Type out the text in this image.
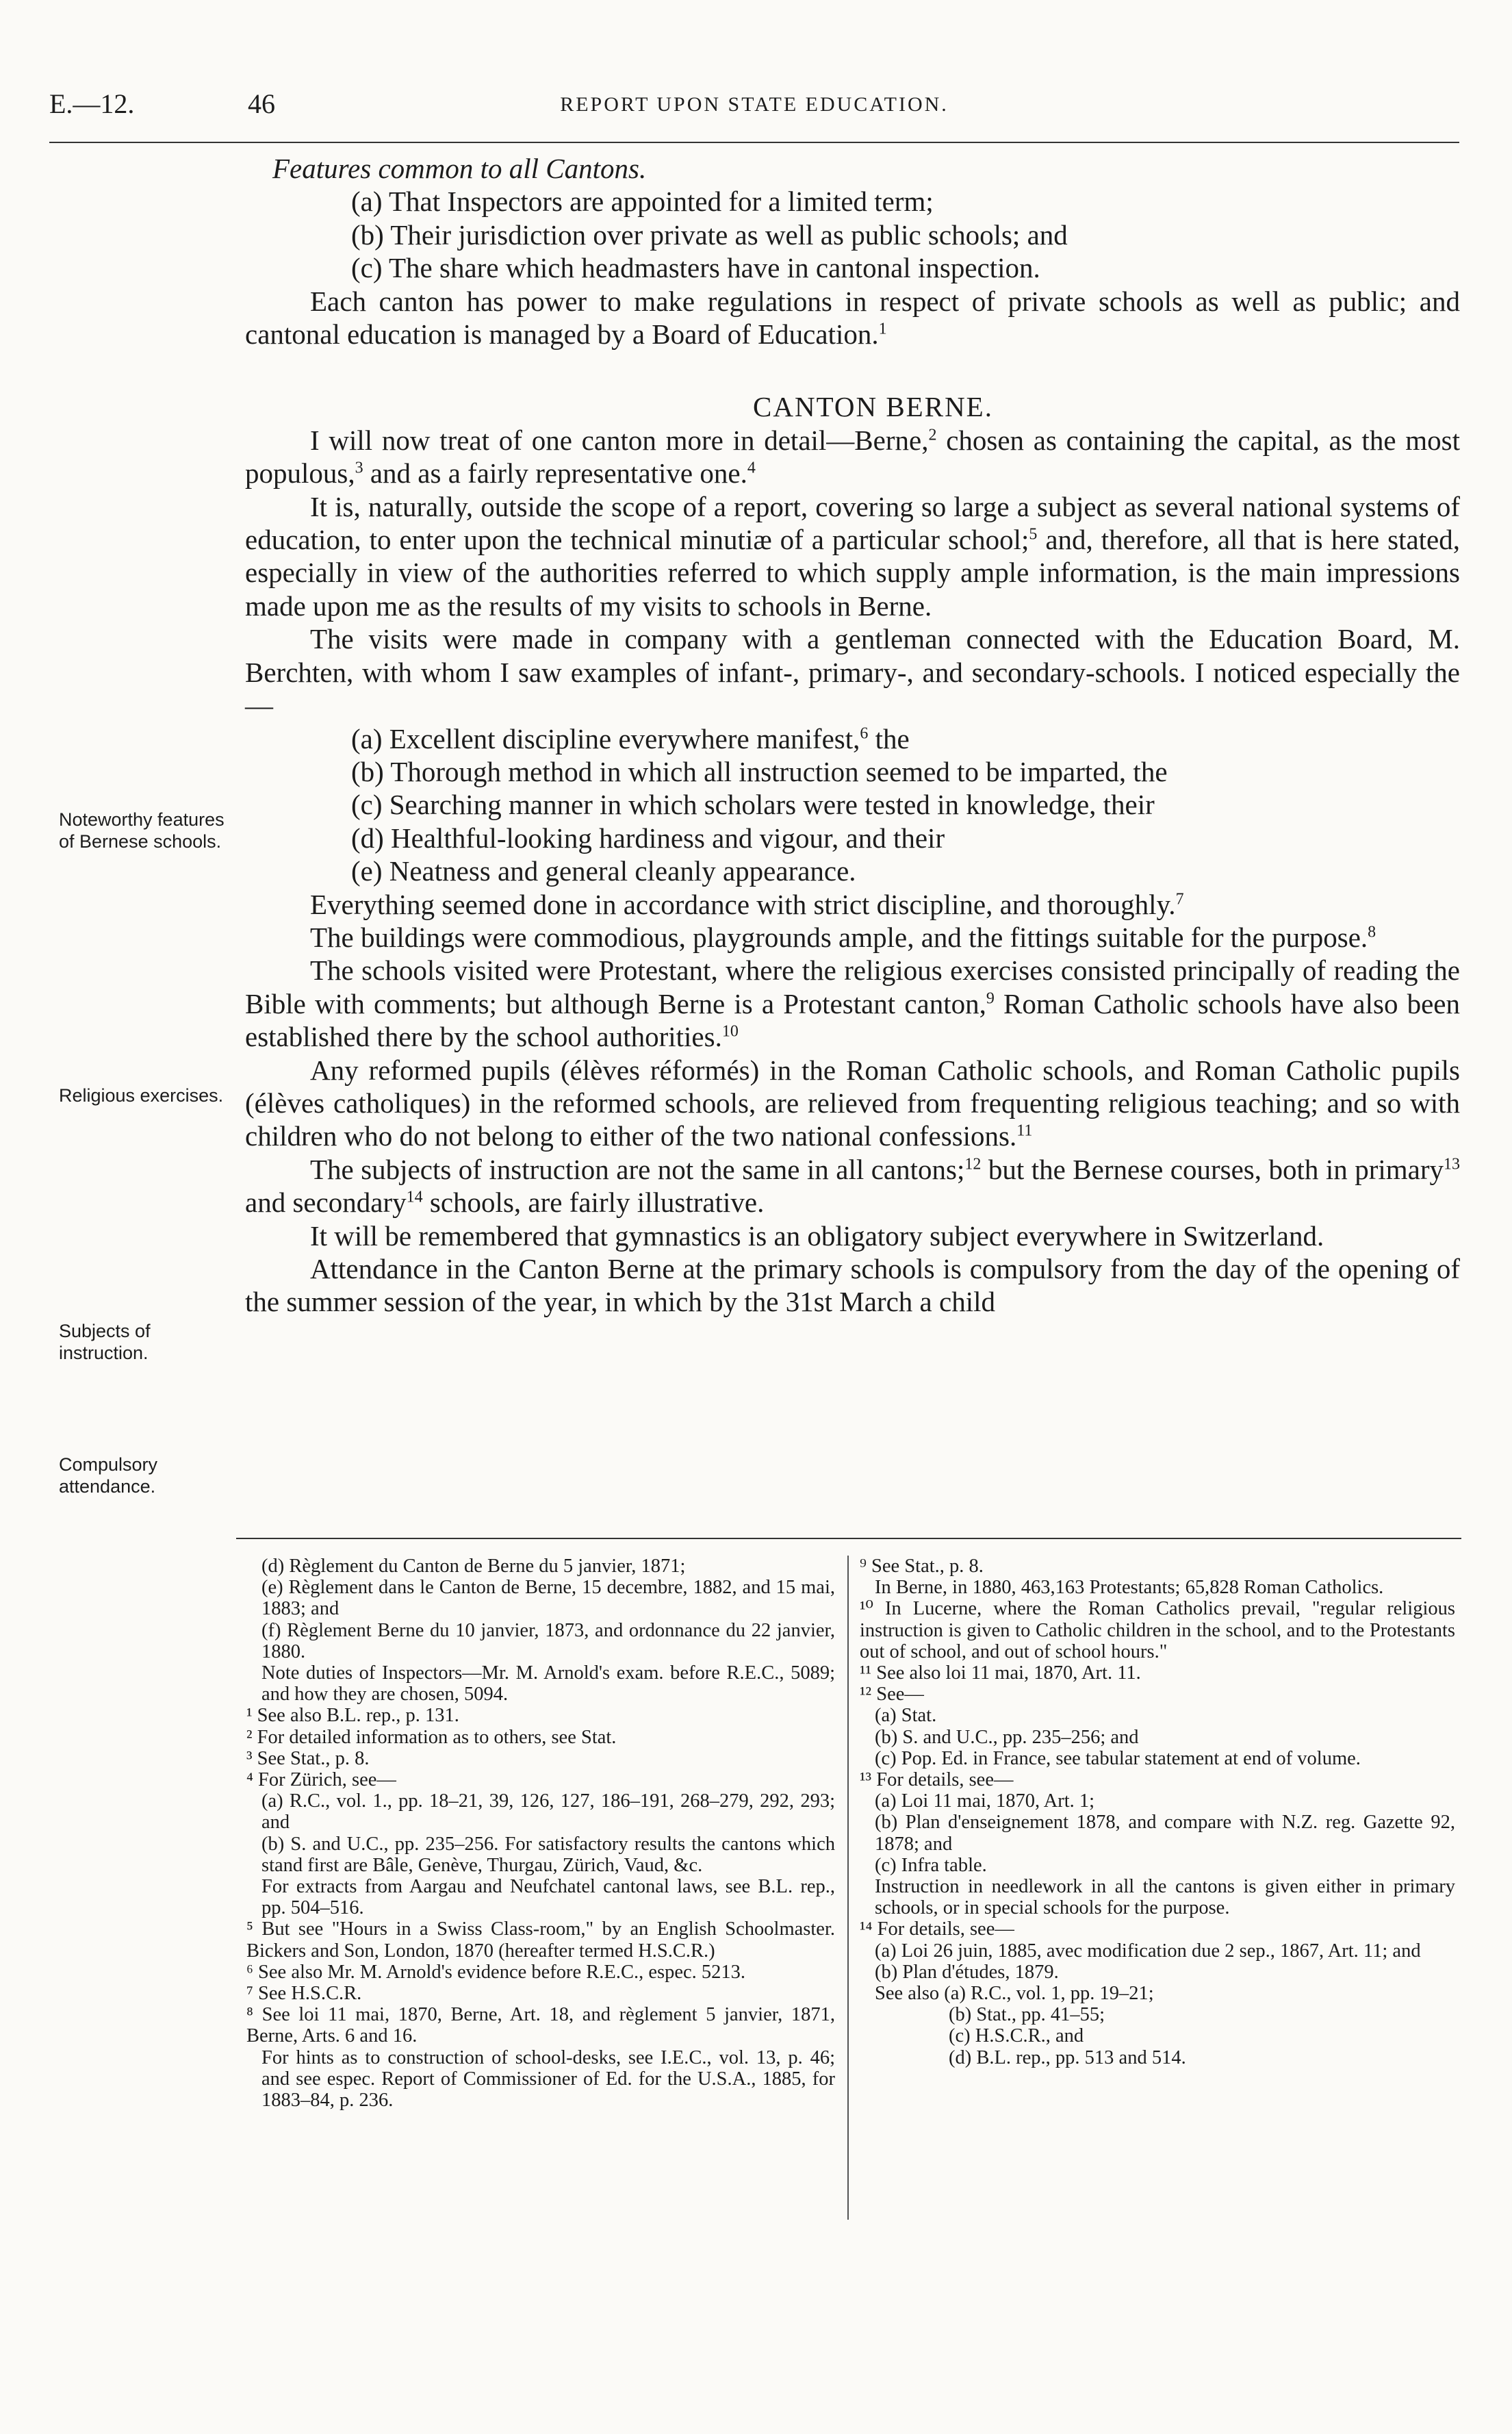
E.—12.	46	REPORT UPON STATE EDUCATION.
Features common to all Cantons.
(a) That Inspectors are appointed for a limited term;
(b) Their jurisdiction over private as well as public schools; and
(c) The share which headmasters have in cantonal inspection.

Each canton has power to make regulations in respect of private schools as well as public; and cantonal education is managed by a Board of Education.$^1$

CANTON BERNE.

I will now treat of one canton more in detail—Berne,$^2$ chosen as containing the capital, as the most populous,$^3$ and as a fairly representative one.$^4$

It is, naturally, outside the scope of a report, covering so large a subject as several national systems of education, to enter upon the technical minutiæ of a particular school;$^5$ and, therefore, all that is here stated, especially in view of the authorities referred to which supply ample information, is the main impressions made upon me as the results of my visits to schools in Berne.

The visits were made in company with a gentleman connected with the Education Board, M. Berchten, with whom I saw examples of infant-, primary-, and secondary-schools. I noticed especially the—

(a) Excellent discipline everywhere manifest,$^6$ the
(b) Thorough method in which all instruction seemed to be imparted, the
(c) Searching manner in which scholars were tested in knowledge, their
(d) Healthful-looking hardiness and vigour, and their
(e) Neatness and general cleanly appearance.

Everything seemed done in accordance with strict discipline, and thoroughly.$^7$

The buildings were commodious, playgrounds ample, and the fittings suitable for the purpose.$^8$

The schools visited were Protestant, where the religious exercises consisted principally of reading the Bible with comments; but although Berne is a Protestant canton,$^9$ Roman Catholic schools have also been established there by the school authorities.$^{10}$

Any reformed pupils (élèves réformés) in the Roman Catholic schools, and Roman Catholic pupils (élèves catholiques) in the reformed schools, are relieved from frequenting religious teaching; and so with children who do not belong to either of the two national confessions.$^{11}$

The subjects of instruction are not the same in all cantons;$^{12}$ but the Bernese courses, both in primary$^{13}$ and secondary$^{14}$ schools, are fairly illustrative.

It will be remembered that gymnastics is an obligatory subject everywhere in Switzerland.

Attendance in the Canton Berne at the primary schools is compulsory from the day of the opening of the summer session of the year, in which by the 31st March a child

Noteworthy features of Bernese schools.
Religious exercises.
Subjects of instruction.
Compulsory attendance.
(d) Règlement du Canton de Berne du 5 janvier, 1871;
(e) Règlement dans le Canton de Berne, 15 decembre, 1882, and 15 mai, 1883; and
(f) Règlement Berne du 10 janvier, 1873, and ordonnance du 22 janvier, 1880.
Note duties of Inspectors—Mr. M. Arnold's exam. before R.E.C., 5089; and how they are chosen, 5094.
¹ See also B.L. rep., p. 131.
² For detailed information as to others, see Stat.
³ See Stat., p. 8.
⁴ For Zürich, see—
(a) R.C., vol. 1., pp. 18–21, 39, 126, 127, 186–191, 268–279, 292, 293; and
(b) S. and U.C., pp. 235–256. For satisfactory results the cantons which stand first are Bâle, Genève, Thurgau, Zürich, Vaud, &c.
For extracts from Aargau and Neufchatel cantonal laws, see B.L. rep., pp. 504–516.
⁵ But see "Hours in a Swiss Class-room," by an English Schoolmaster. Bickers and Son, London, 1870 (hereafter termed H.S.C.R.)
⁶ See also Mr. M. Arnold's evidence before R.E.C., espec. 5213.
⁷ See H.S.C.R.
⁸ See loi 11 mai, 1870, Berne, Art. 18, and règlement 5 janvier, 1871, Berne, Arts. 6 and 16.
For hints as to construction of school-desks, see I.E.C., vol. 13, p. 46; and see espec. Report of Commissioner of Ed. for the U.S.A., 1885, for 1883–84, p. 236.
⁹ See Stat., p. 8.
In Berne, in 1880, 463,163 Protestants; 65,828 Roman Catholics.
¹⁰ In Lucerne, where the Roman Catholics prevail, "regular religious instruction is given to Catholic children in the school, and to the Protestants out of school, and out of school hours."
¹¹ See also loi 11 mai, 1870, Art. 11.
¹² See—
(a) Stat.
(b) S. and U.C., pp. 235–256; and
(c) Pop. Ed. in France, see tabular statement at end of volume.
¹³ For details, see—
(a) Loi 11 mai, 1870, Art. 1;
(b) Plan d'enseignement 1878, and compare with N.Z. reg. Gazette 92, 1878; and
(c) Infra table.
Instruction in needlework in all the cantons is given either in primary schools, or in special schools for the purpose.
¹⁴ For details, see—
(a) Loi 26 juin, 1885, avec modification due 2 sep., 1867, Art. 11; and
(b) Plan d'études, 1879.
See also (a) R.C., vol. 1, pp. 19–21;
(b) Stat., pp. 41–55;
(c) H.S.C.R., and
(d) B.L. rep., pp. 513 and 514.
